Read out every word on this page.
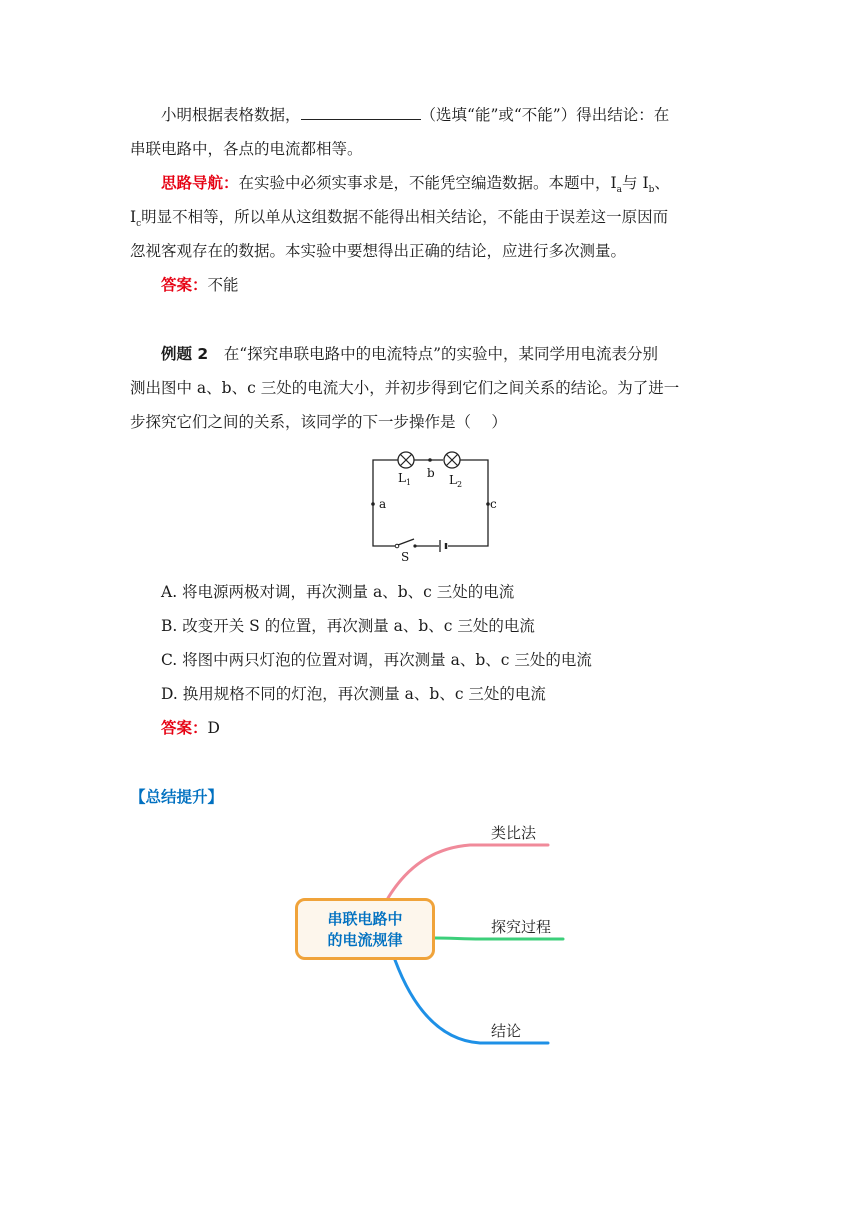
小明根据表格数据，	（选填“能”或“不能”）得出结论：在
串联电路中，各点的电流都相等。
思路导航：在实验中必须实事求是，不能凭空编造数据。本题中，$I_a$与 $I_b$、
$I_c$明显不相等，所以单从这组数据不能得出相关结论，不能由于误差这一原因而
忽视客观存在的数据。本实验中要想得出正确的结论，应进行多次测量。
答案：不能
例题 2　 在“探究串联电路中的电流特点”的实验中，某同学用电流表分别
测出图中 a、b、c 三处的电流大小，并初步得到它们之间关系的结论。为了进一
步探究它们之间的关系，该同学的下一步操作是（　 ）
$L_1$
b $L_2$
a	c
S
A. 将电源两极对调，再次测量 a、b、c 三处的电流
B. 改变开关 S 的位置，再次测量 a、b、c 三处的电流
C. 将图中两只灯泡的位置对调，再次测量 a、b、c 三处的电流
D. 换用规格不同的灯泡，再次测量 a、b、c 三处的电流
答案：D
【总结提升】
串联电路中
的电流规律
类比法
探究过程
结论
